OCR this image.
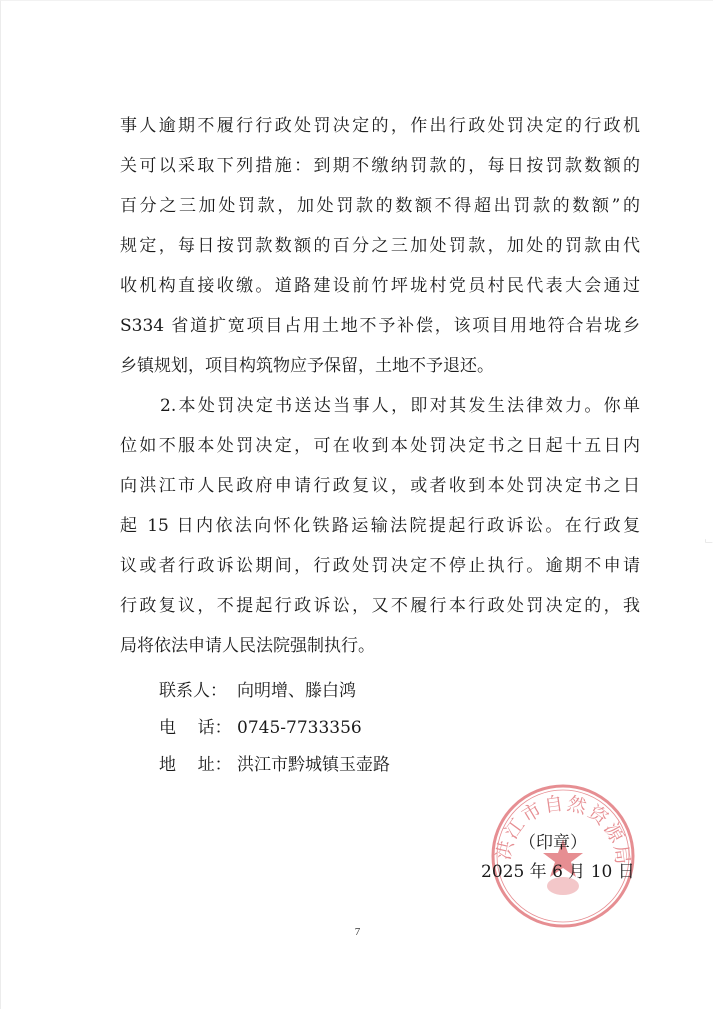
事人逾期不履行行政处罚决定的，作出行政处罚决定的行政机
关可以采取下列措施：到期不缴纳罚款的，每日按罚款数额的
百分之三加处罚款，加处罚款的数额不得超出罚款的数额”的
规定，每日按罚款数额的百分之三加处罚款，加处的罚款由代
收机构直接收缴。道路建设前竹坪垅村党员村民代表大会通过
S334 省道扩宽项目占用土地不予补偿，该项目用地符合岩垅乡
乡镇规划，项目构筑物应予保留，土地不予退还。
2.本处罚决定书送达当事人，即对其发生法律效力。你单
位如不服本处罚决定，可在收到本处罚决定书之日起十五日内
向洪江市人民政府申请行政复议，或者收到本处罚决定书之日
起 15 日内依法向怀化铁路运输法院提起行政诉讼。在行政复
议或者行政诉讼期间，行政处罚决定不停止执行。逾期不申请
行政复议，不提起行政诉讼，又不履行本行政处罚决定的，我
局将依法申请人民法院强制执行。
联系人： 向明增、滕白鸿
电    话： 0745-7733356
地    址： 洪江市黔城镇玉壶路
洪江市自然资源局
（印章）
2025 年 6 月 10 日
7
﹂
